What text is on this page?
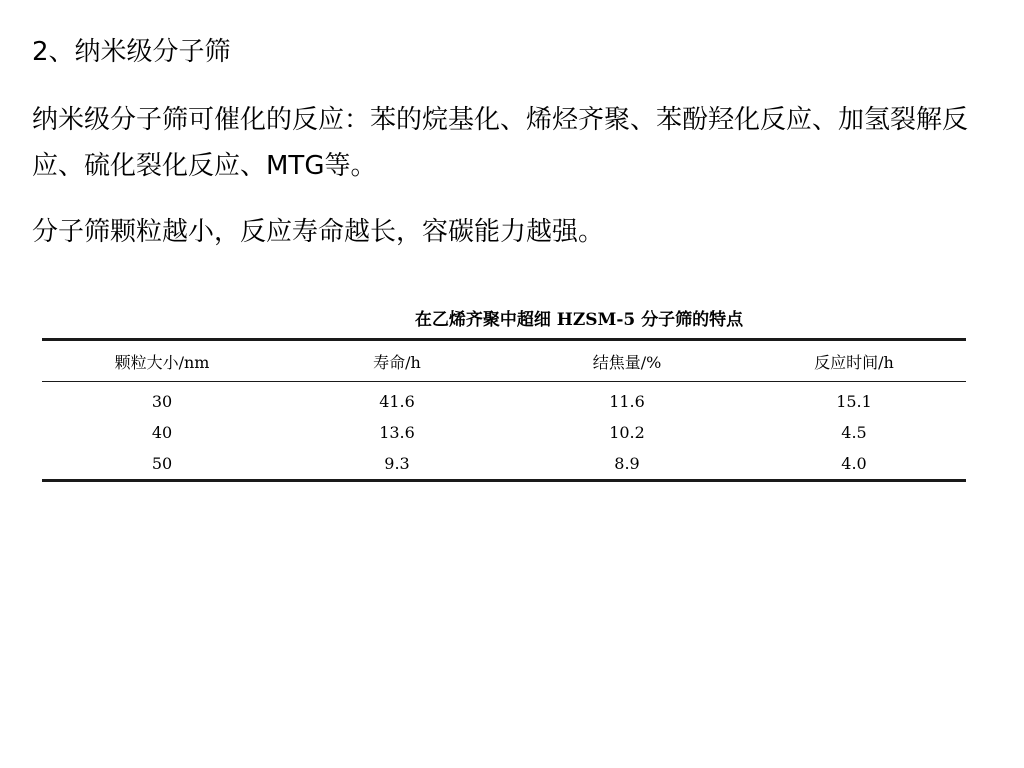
2、纳米级分子筛

纳米级分子筛可催化的反应：苯的烷基化、烯烃齐聚、苯酚羟化反应、加氢裂解反应、硫化裂化反应、MTG等。

分子筛颗粒越小，反应寿命越长，容碳能力越强。

在乙烯齐聚中超细 HZSM-5 分子筛的特点
颗粒大小/nm	寿命/h	结焦量/%	反应时间/h
30	41.6	11.6	15.1
40	13.6	10.2	4.5
50	9.3	8.9	4.0
